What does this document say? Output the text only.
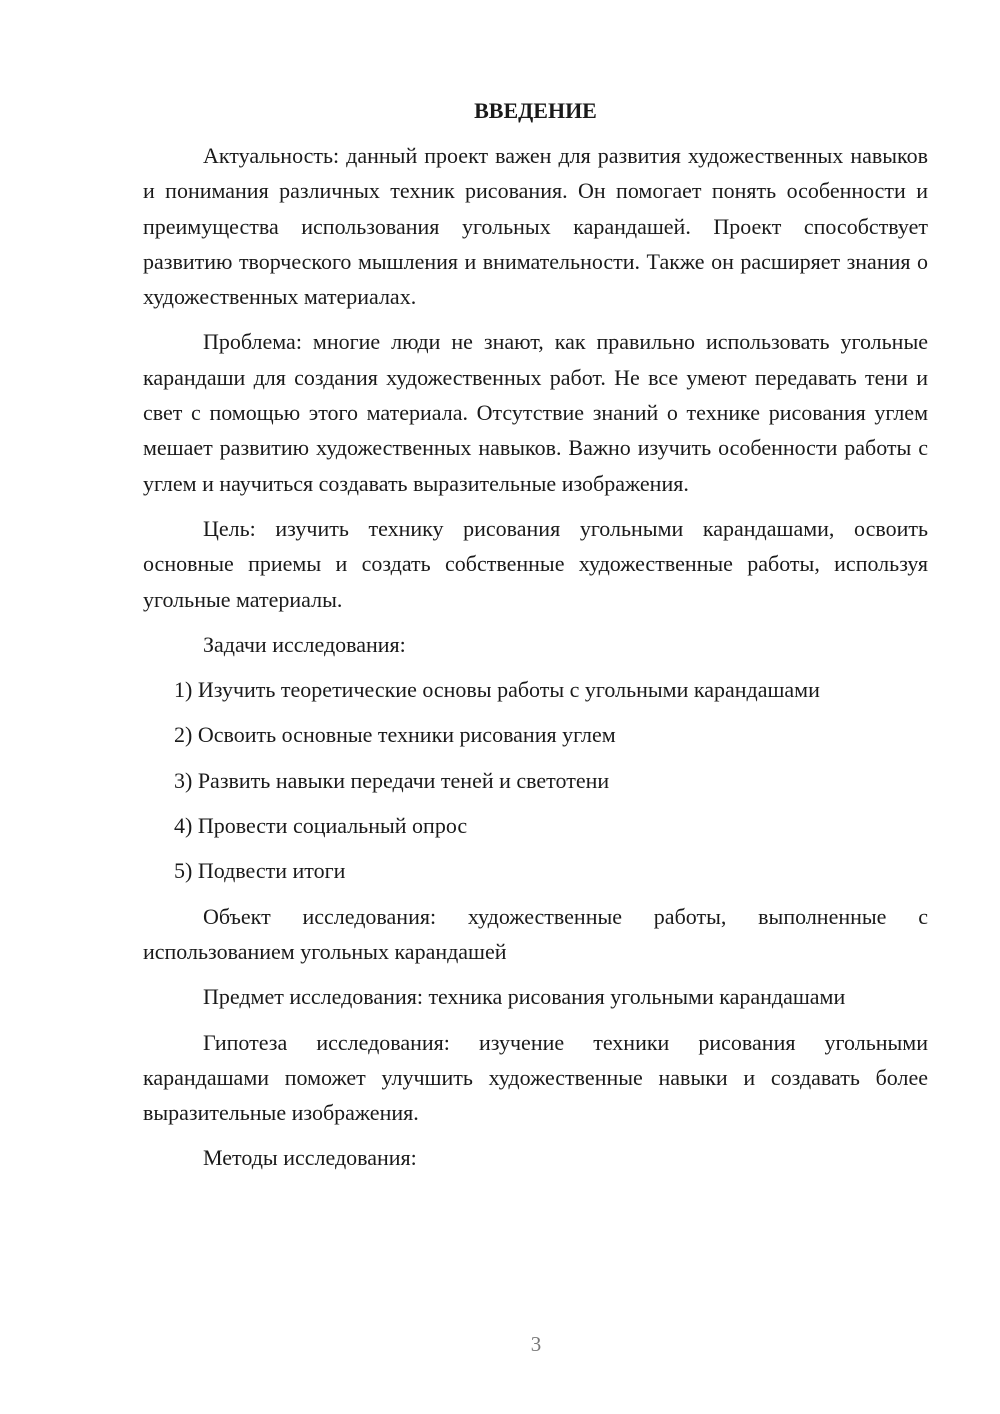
ВВЕДЕНИЕ

Актуальность: данный проект важен для развития художественных навыков и понимания различных техник рисования. Он помогает понять особенности и преимущества использования угольных карандашей. Проект способствует развитию творческого мышления и внимательности. Также он расширяет знания о художественных материалах.

Проблема: многие люди не знают, как правильно использовать угольные карандаши для создания художественных работ. Не все умеют передавать тени и свет с помощью этого материала. Отсутствие знаний о технике рисования углем мешает развитию художественных навыков. Важно изучить особенности работы с углем и научиться создавать выразительные изображения.

Цель: изучить технику рисования угольными карандашами, освоить основные приемы и создать собственные художественные работы, используя угольные материалы.

Задачи исследования:

1) Изучить теоретические основы работы с угольными карандашами
2) Освоить основные техники рисования углем
3) Развить навыки передачи теней и светотени
4) Провести социальный опрос
5) Подвести итоги

Объект исследования: художественные работы, выполненные с использованием угольных карандашей

Предмет исследования: техника рисования угольными карандашами

Гипотеза исследования: изучение техники рисования угольными карандашами поможет улучшить художественные навыки и создавать более выразительные изображения.

Методы исследования:

3
